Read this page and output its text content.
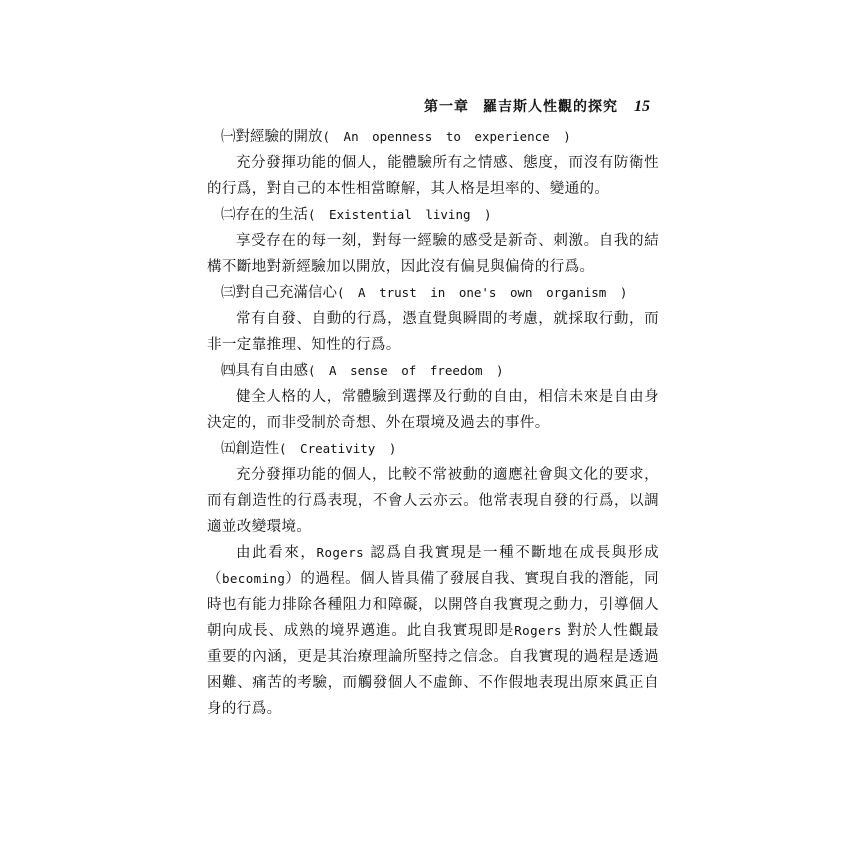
第一章 羅吉斯人性觀的探究 15

㈠對經驗的開放( An openness to experience )

充分發揮功能的個人，能體驗所有之情感、態度，而沒有防衛性的行爲，對自己的本性相當瞭解，其人格是坦率的、變通的。

㈡存在的生活( Existential living )

享受存在的每一刻，對每一經驗的感受是新奇、刺激。自我的結構不斷地對新經驗加以開放，因此沒有偏見與偏倚的行爲。

㈢對自己充滿信心( A trust in one's own organism )

常有自發、自動的行爲，憑直覺與瞬間的考慮，就採取行動，而非一定靠推理、知性的行爲。

㈣具有自由感( A sense of freedom )

健全人格的人，常體驗到選擇及行動的自由，相信未來是自由身決定的，而非受制於奇想、外在環境及過去的事件。

㈤創造性( Creativity )

充分發揮功能的個人，比較不常被動的適應社會與文化的要求，而有創造性的行爲表現，不會人云亦云。他常表現自發的行爲，以調適並改變環境。

由此看來，Rogers 認爲自我實現是一種不斷地在成長與形成（becoming）的過程。個人皆具備了發展自我、實現自我的潛能，同時也有能力排除各種阻力和障礙，以開啓自我實現之動力，引導個人朝向成長、成熟的境界邁進。此自我實現即是Rogers 對於人性觀最重要的內涵，更是其治療理論所堅持之信念。自我實現的過程是透過困難、痛苦的考驗，而觸發個人不虛飾、不作假地表現出原來眞正自身的行爲。
